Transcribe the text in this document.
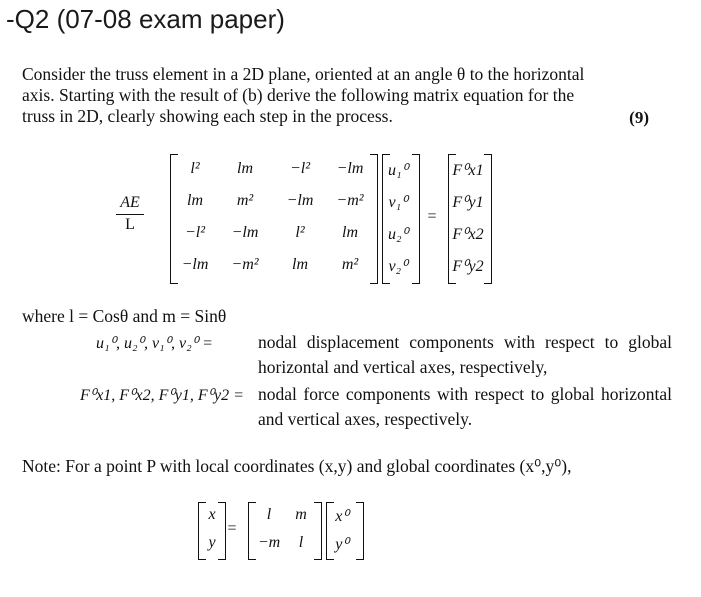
-Q2 (07-08 exam paper)
Consider the truss element in a 2D plane, oriented at an angle θ to the horizontal
axis. Starting with the result of (b) derive the following matrix equation for the
truss in 2D, clearly showing each step in the process.	(9)
AE
L
l²	lm	−l²	−lm
lm	m²	−lm	−m²
−l²	−lm	l²	lm
−lm	−m²	lm	m²
u₁⁰
v₁⁰
u₂⁰
v₂⁰
=
F⁰x1
F⁰y1
F⁰x2
F⁰y2
where l = Cosθ and m = Sinθ
u₁⁰, u₂⁰, v₁⁰, v₂⁰ =	nodal displacement components with respect to global horizontal and vertical axes, respectively,
F⁰x1, F⁰x2, F⁰y1, F⁰y2 = nodal force components with respect to global horizontal and vertical axes, respectively.
Note: For a point P with local coordinates (x,y) and global coordinates (x⁰,y⁰),
x
y
=
l	m
−m	l
x⁰
y⁰
